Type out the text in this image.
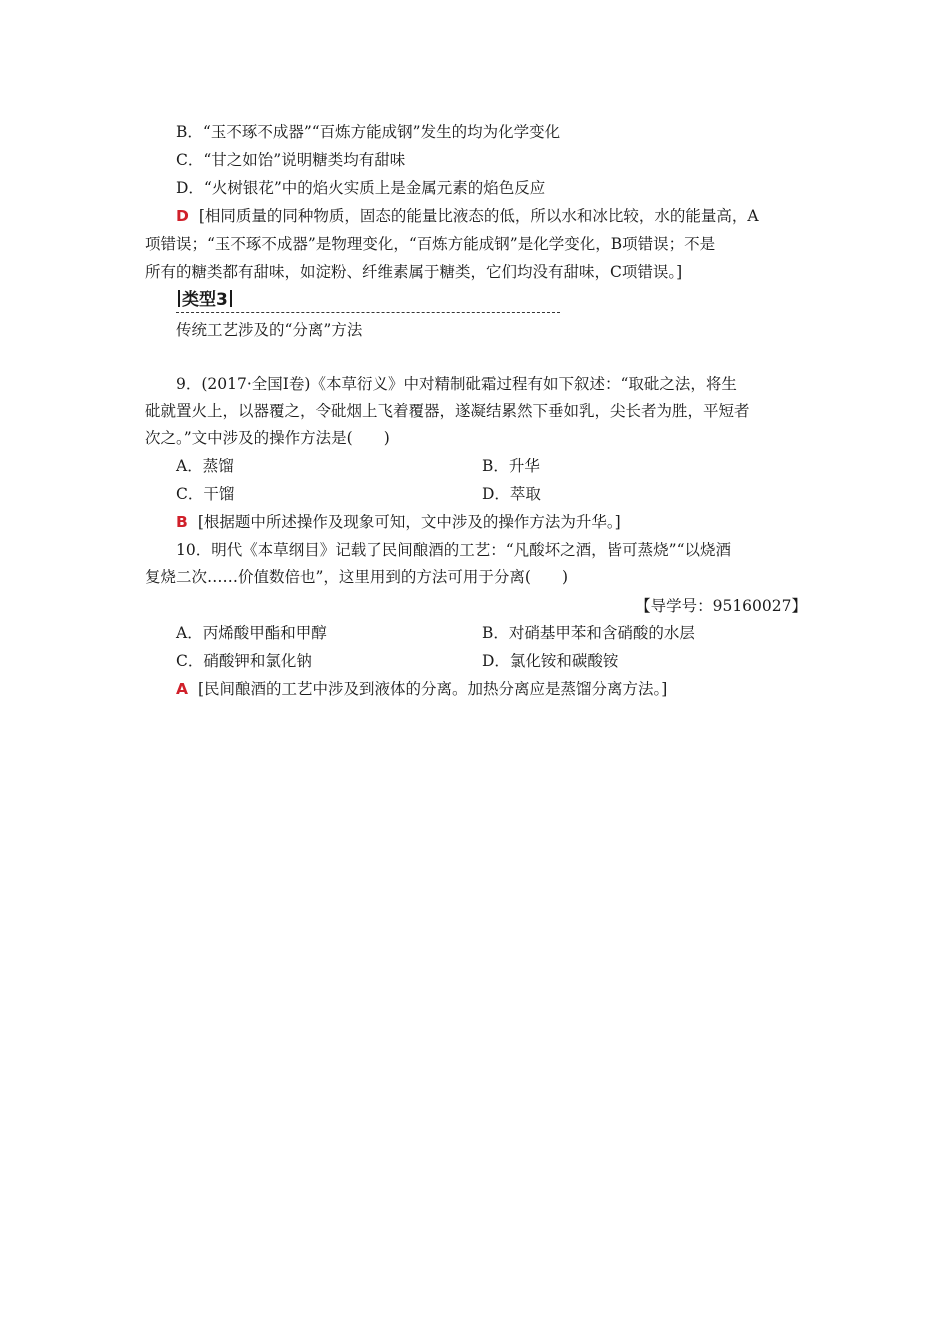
B．“玉不琢不成器”“百炼方能成钢”发生的均为化学变化
C．“甘之如饴”说明糖类均有甜味
D．“火树银花”中的焰火实质上是金属元素的焰色反应
D [相同质量的同种物质，固态的能量比液态的低，所以水和冰比较，水的能量高，A
项错误；“玉不琢不成器”是物理变化，“百炼方能成钢”是化学变化，B项错误；不是
所有的糖类都有甜味，如淀粉、纤维素属于糖类，它们均没有甜味，C项错误。]
类型3
传统工艺涉及的“分离”方法
9．(2017·全国Ⅰ卷)《本草衍义》中对精制砒霜过程有如下叙述：“取砒之法，将生
砒就置火上，以器覆之，令砒烟上飞着覆器，遂凝结累然下垂如乳，尖长者为胜，平短者
次之。”文中涉及的操作方法是(　　)
A．蒸馏	B．升华
C．干馏	D．萃取
B [根据题中所述操作及现象可知，文中涉及的操作方法为升华。]
10．明代《本草纲目》记载了民间酿酒的工艺：“凡酸坏之酒，皆可蒸烧”“以烧酒
复烧二次……价值数倍也”，这里用到的方法可用于分离(　　)
【导学号：95160027】
A．丙烯酸甲酯和甲醇	B．对硝基甲苯和含硝酸的水层
C．硝酸钾和氯化钠	D．氯化铵和碳酸铵
A [民间酿酒的工艺中涉及到液体的分离。加热分离应是蒸馏分离方法。]
